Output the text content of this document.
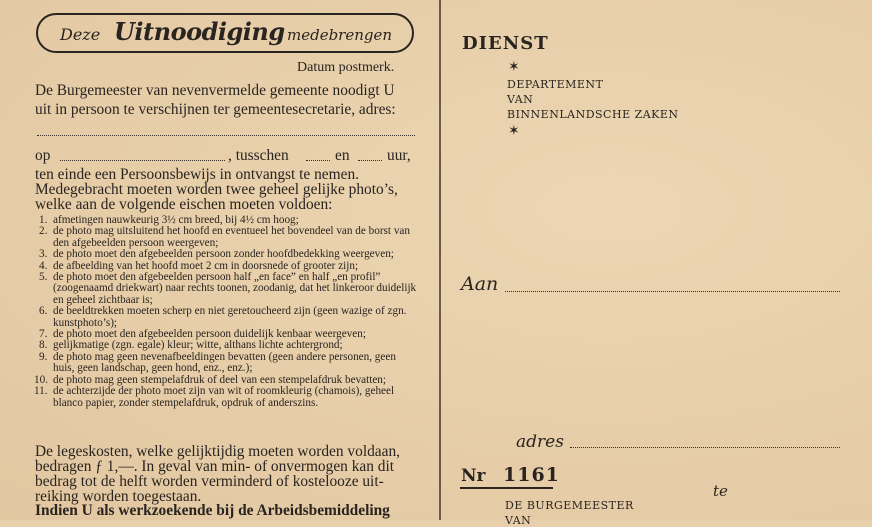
Deze Uitnoodiging medebrengen
Datum postmerk.
De Burgemeester van nevenvermelde gemeente noodigt U
uit in persoon te verschijnen ter gemeentesecretarie, adres:
op	, tusschen	en uur,
ten einde een Persoonsbewijs in ontvangst te nemen.
Medegebracht moeten worden twee geheel gelijke photo’s,
welke aan de volgende eischen moeten voldoen:
1. afmetingen nauwkeurig 3½ cm breed, bij 4½ cm hoog;
2. de photo mag uitsluitend het hoofd en eventueel het bovendeel van de borst van den afgebeelden persoon weergeven;
3. de photo moet den afgebeelden persoon zonder hoofdbedekking weergeven;
4. de afbeelding van het hoofd moet 2 cm in doorsnede of grooter zijn;
5. de photo moet den afgebeelden persoon half „en face” en half „en profil” (zoogenaamd driekwart) naar rechts toonen, zoodanig, dat het linkeroor duidelijk en geheel zichtbaar is;
6. de beeldtrekken moeten scherp en niet geretoucheerd zijn (geen wazige of zgn. kunstphoto’s);
7. de photo moet den afgebeelden persoon duidelijk kenbaar weergeven;
8. gelijkmatige (zgn. egale) kleur; witte, althans lichte achtergrond;
9. de photo mag geen nevenafbeeldingen bevatten (geen andere personen, geen huis, geen landschap, geen hond, enz., enz.);
10. de photo mag geen stempelafdruk of deel van een stempelafdruk bevatten;
11. de achterzijde der photo moet zijn van wit of roomkleurig (chamois), geheel blanco papier, zonder stempelafdruk, opdruk of anderszins.
De legeskosten, welke gelijktijdig moeten worden voldaan,
bedragen ƒ 1,—. In geval van min- of onvermogen kan dit
bedrag tot de helft worden verminderd of kostelooze uit-
reiking worden toegestaan.
Indien U als werkzoekende bij de Arbeidsbemiddeling
DIENST
✶
DEPARTEMENT
VAN
BINNENLANDSCHE ZAKEN
✶
Aan
adres
Nr 1161
te
DE BURGEMEESTER
VAN
